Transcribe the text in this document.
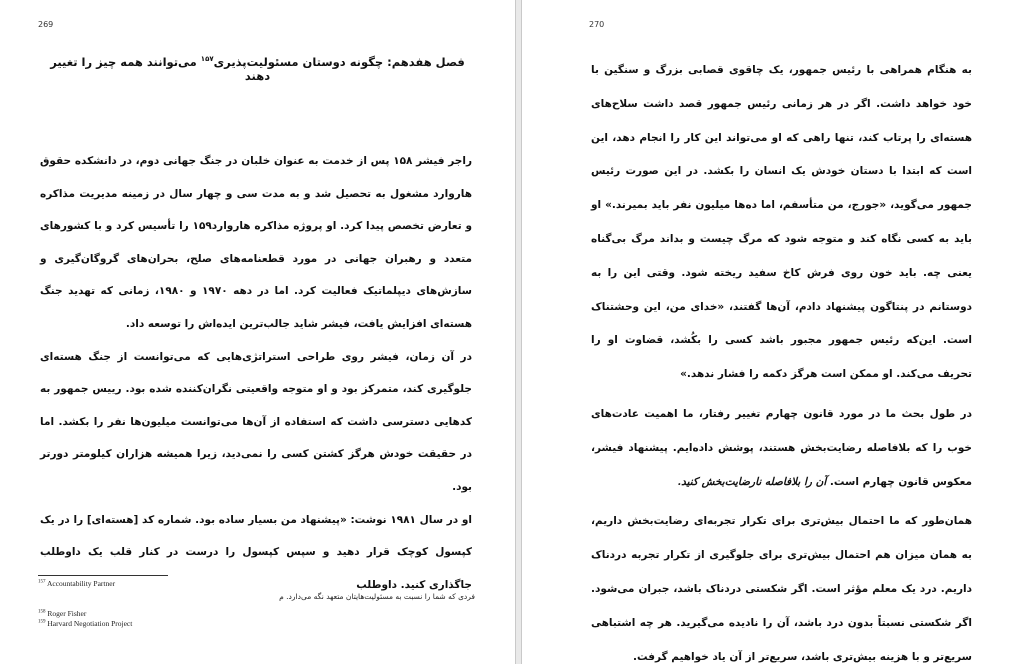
269
فصل هفدهم: چگونه دوستان مسئولیت‌پذیری$^{۱۵۷}$ می‌توانند همه چیز را تغییر دهند

راجر فیشر ۱۵۸ پس از خدمت به عنوان خلبان در جنگ جهانی دوم، در دانشکده حقوق هاروارد مشغول به تحصیل شد و به مدت سی و چهار سال در زمینه مدیریت مذاکره و تعارض تخصص پیدا کرد. او پروژه مذاکره هاروارد۱۵۹ را تأسیس کرد و با کشورهای متعدد و رهبران جهانی در مورد قطعنامه‌های صلح، بحران‌های گروگان‌گیری و سازش‌های دیپلماتیک فعالیت کرد. اما در دهه ۱۹۷۰ و ۱۹۸۰، زمانی که تهدید جنگ هسته‌ای افزایش یافت، فیشر شاید جالب‌ترین ایده‌اش را توسعه داد.

در آن زمان، فیشر روی طراحی استراتژی‌هایی که می‌توانست از جنگ هسته‌ای جلوگیری کند، متمرکز بود و او متوجه واقعیتی نگران‌کننده شده بود. رییس جمهور به کدهایی دسترسی داشت که استفاده از آن‌ها می‌توانست میلیون‌ها نفر را بکشد. اما در حقیقت خودش هرگز کشتن کسی را نمی‌دید، زیرا همیشه هزاران کیلومتر دورتر بود.

او در سال ۱۹۸۱ نوشت: «پیشنهاد من بسیار ساده بود. شماره کد [هسته‌ای] را در یک کپسول کوچک قرار دهید و سپس کپسول را درست در کنار قلب یک داوطلب جاگذاری کنید. داوطلب

$^{157}$ Accountability Partner
فردی که شما را نسبت به مسئولیت‌هایتان متعهد نگه می‌دارد. م
$^{158}$ Roger Fisher
$^{159}$ Harvard Negotiation Project
270

به هنگام همراهی با رئیس جمهور، یک چاقوی قصابی بزرگ و سنگین با خود خواهد داشت. اگر در هر زمانی رئیس جمهور قصد داشت سلاح‌های هسته‌ای را پرتاب کند، تنها راهی که او می‌تواند این کار را انجام دهد، این است که ابتدا با دستان خودش یک انسان را بکشد. در این صورت رئیس جمهور می‌گوید، «جورج، من متأسفم، اما ده‌ها میلیون نفر باید بمیرند.» او باید به کسی نگاه کند و متوجه شود که مرگ چیست و بداند مرگ بی‌گناه یعنی چه. باید خون روی فرش کاخ سفید ریخته شود. وقتی این را به دوستانم در پنتاگون پیشنهاد دادم، آن‌ها گفتند، «خدای من، این وحشتناک است. این‌که رئیس جمهور مجبور باشد کسی را بکُشد، قضاوت او را تحریف می‌کند. او ممکن است هرگز دکمه را فشار ندهد.»

در طول بحث ما در مورد قانون چهارم تغییر رفتار، ما اهمیت عادت‌های خوب را که بلافاصله رضایت‌بخش هستند، پوشش داده‌ایم. پیشنهاد فیشر، معکوس قانون چهارم است. آن را بلافاصله نارضایت‌بخش کنید.

همان‌طور که ما احتمال بیش‌تری برای تکرار تجربه‌ای رضایت‌بخش داریم، به همان میزان هم احتمال بیش‌تری برای جلوگیری از تکرار تجربه دردناک داریم. درد یک معلم مؤثر است. اگر شکستی دردناک باشد، جبران می‌شود. اگر شکستی نسبتاً بدون درد باشد، آن را نادیده می‌گیرید. هر چه اشتباهی سریع‌تر و با هزینه بیش‌تری باشد، سریع‌تر از آن یاد خواهیم گرفت.
